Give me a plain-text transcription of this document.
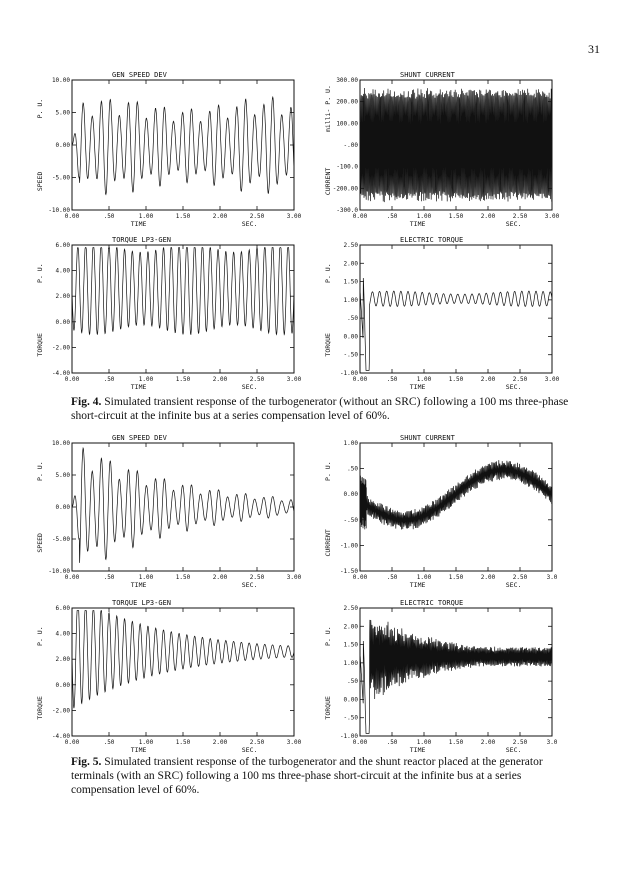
31
GEN SPEED DEV
10.00
5.00
0.00
-5.00
-10.00
0.00	.50	1.00	1.50	2.00	2.50	3.00
TIME	SEC.
P. U.
SPEED
SHUNT CURRENT
300.00
200.00
100.00
-.00
-100.0
-200.00
-300.0
0.00	.50	1.00	1.50	2.00	2.50	3.00
TIME	SEC.
milli- P. U.
CURRENT
TORQUE LP3-GEN
6.00
4.00
2.00
0.00
-2.00
-4.00
0.00	.50	1.00	1.50	2.00	2.50	3.00
TIME	SEC.
P. U.
TORQUE
ELECTRIC TORQUE
2.50
2.00
1.50
1.00
.50
0.00
-.50
-1.00
0.00	.50	1.00	1.50	2.00	2.50	3.00
TIME	SEC.
P. U.
TORQUE

Fig. 4. Simulated transient response of the turbogenerator (without an SRC) following a 100 ms three-phase short-circuit at the infinite bus at a series compensation level of 60%.

GEN SPEED DEV
10.00
5.00
0.00
-5.00
-10.00
0.00	.50	1.00	1.50	2.00	2.50	3.00
TIME	SEC.
P. U.
SPEED
SHUNT CURRENT
1.00
.50
0.00
-.50
-1.00
-1.50
0.00	.50	1.00	1.50	2.00	2.50	3.0
TIME	SEC.
P. U.
CURRENT
TORQUE LP3-GEN
6.00
4.00
2.00
0.00
-2.00
-4.00
0.00	.50	1.00	1.50	2.00	2.50	3.00
TIME	SEC.
P. U.
TORQUE
ELECTRIC TORQUE
2.50
2.00
1.50
1.00
.50
0.00
-.50
-1.00
0.00	.50	1.00	1.50	2.00	2.50	3.0
TIME	SEC.
P. U.
TORQUE

Fig. 5. Simulated transient response of the turbogenerator and the shunt reactor placed at the generator terminals (with an SRC) following a 100 ms three-phase short-circuit at the infinite bus at a series compensation level of 60%.
